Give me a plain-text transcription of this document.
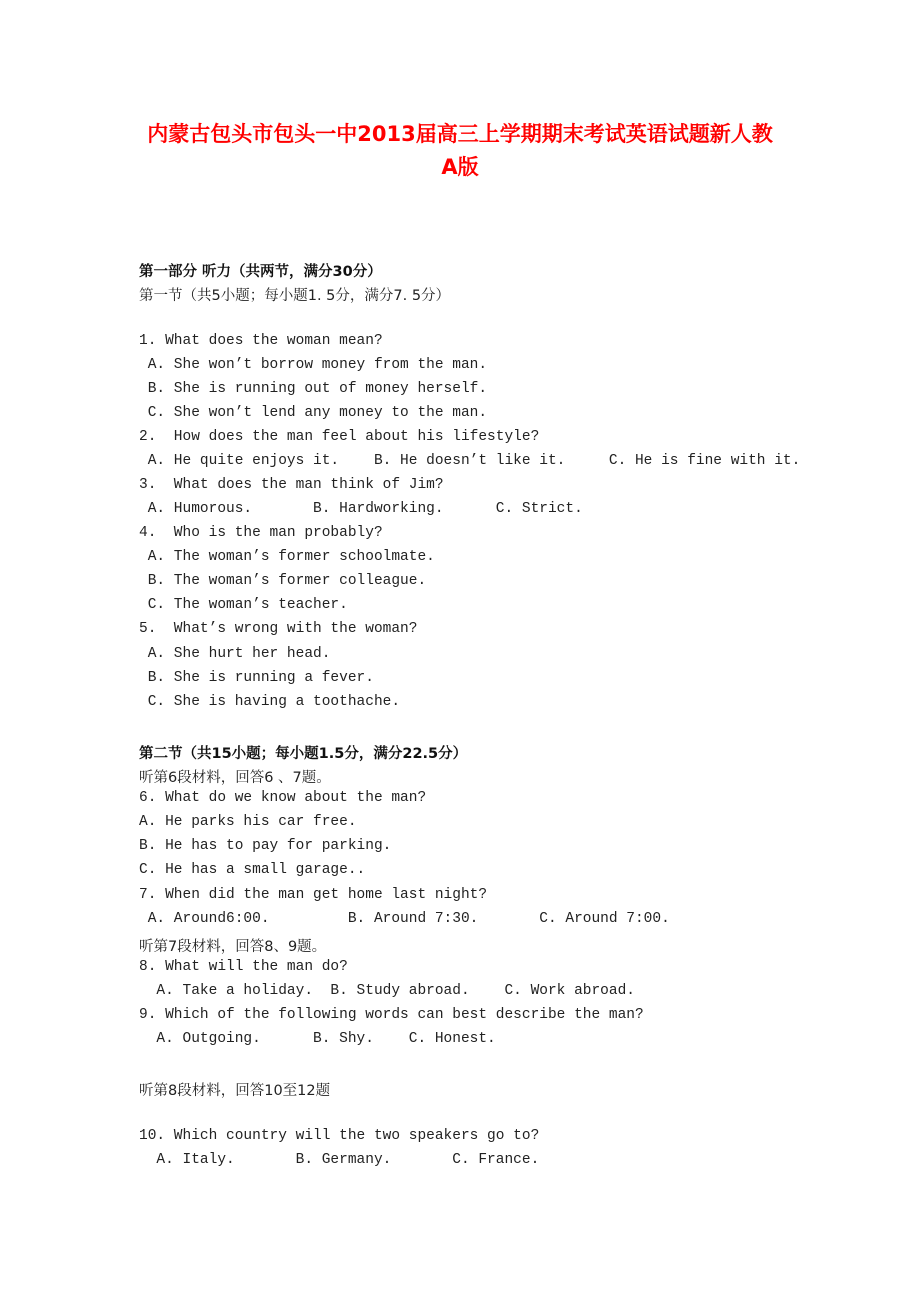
内蒙古包头市包头一中2013届高三上学期期末考试英语试题新人教
A版
第一部分 听力（共两节，满分30分）
第一节（共5小题；每小题1. 5分，满分7. 5分）
1. What does the woman mean?
A. She won’t borrow money from the man.
B. She is running out of money herself.
C. She won’t lend any money to the man.
2.  How does the man feel about his lifestyle?
A. He quite enjoys it.    B. He doesn’t like it.     C. He is fine with it.
3.  What does the man think of Jim?
A. Humorous.       B. Hardworking.      C. Strict.
4.  Who is the man probably?
A. The woman’s former schoolmate.
B. The woman’s former colleague.
C. The woman’s teacher.
5.  What’s wrong with the woman?
A. She hurt her head.
B. She is running a fever.
C. She is having a toothache.
第二节（共15小题；每小题1.5分，满分22.5分）
听第6段材料，回答6 、7题。
6. What do we know about the man?
A. He parks his car free.
B. He has to pay for parking.
C. He has a small garage..
7. When did the man get home last night?
A. Around6:00.         B. Around 7:30.       C. Around 7:00.
听第7段材料，回答8、9题。
8. What will the man do?
A. Take a holiday.  B. Study abroad.    C. Work abroad.
9. Which of the following words can best describe the man?
A. Outgoing.      B. Shy.    C. Honest.
听第8段材料，回答10至12题
10. Which country will the two speakers go to?
A. Italy.       B. Germany.       C. France.
